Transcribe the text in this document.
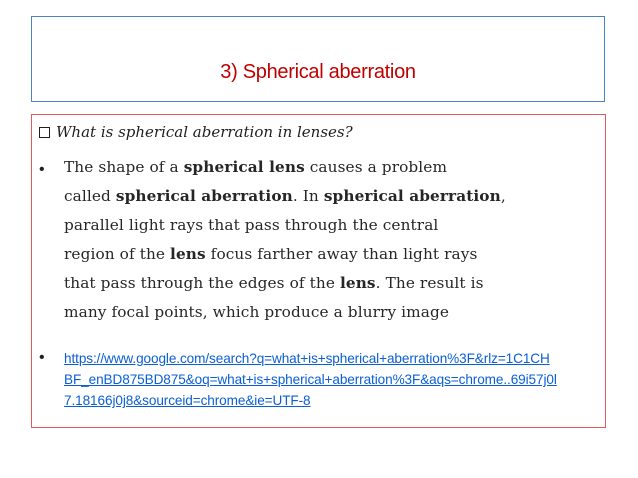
3) Spherical aberration
What is spherical aberration in lenses?
• The shape of a spherical lens causes a problem
called spherical aberration. In spherical aberration,
parallel light rays that pass through the central
region of the lens focus farther away than light rays
that pass through the edges of the lens. The result is
many focal points, which produce a blurry image
• https://www.google.com/search?q=what+is+spherical+aberration%3F&rlz=1C1CH
BF_enBD875BD875&oq=what+is+spherical+aberration%3F&aqs=chrome..69i57j0l
7.18166j0j8&sourceid=chrome&ie=UTF-8
